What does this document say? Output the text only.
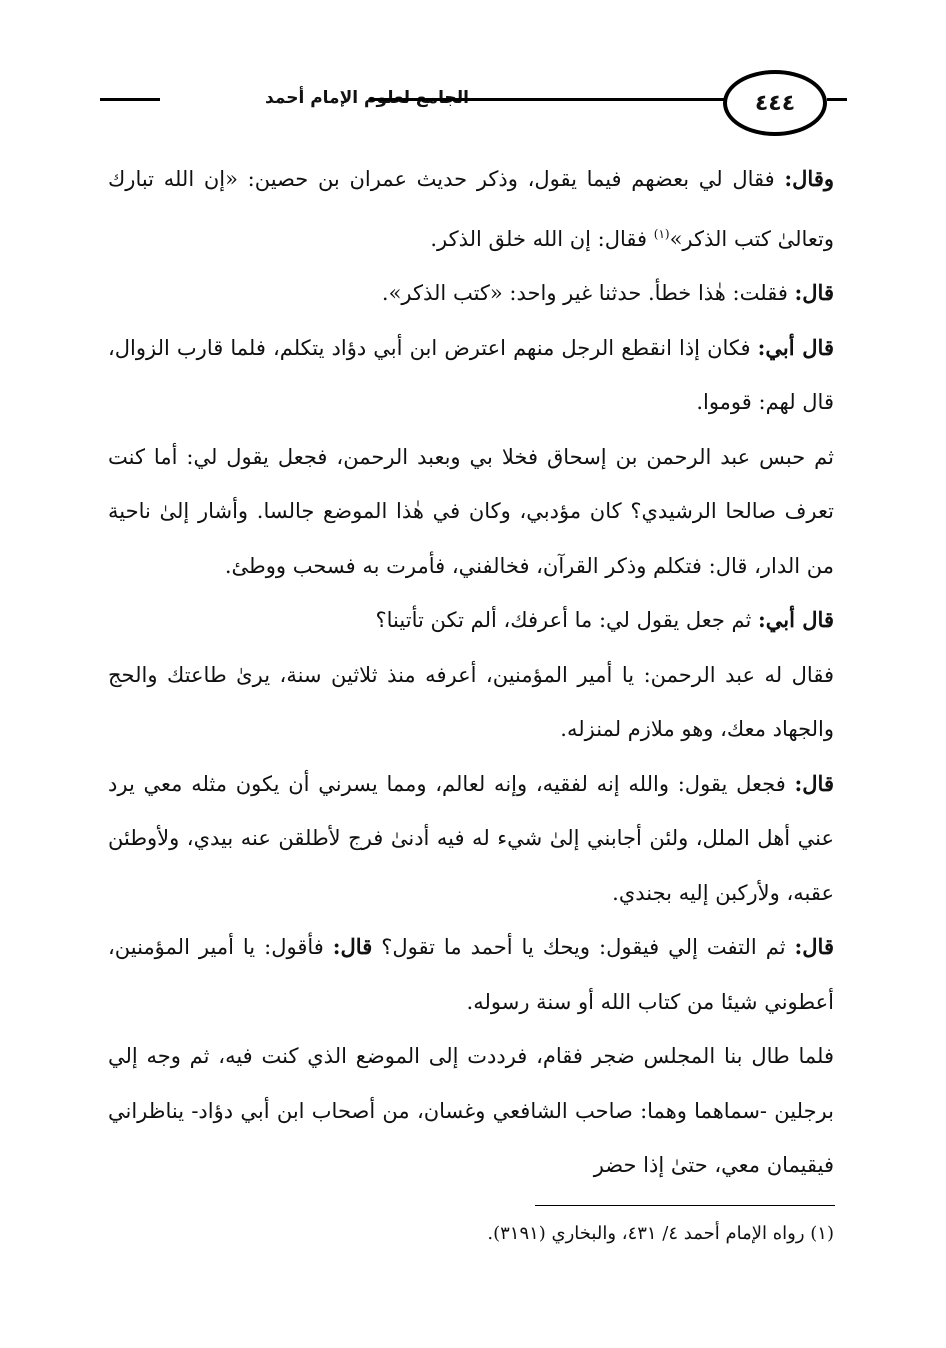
الجامع لعلوم الإمام أحمد	٤٤٤

وقال: فقال لي بعضهم فيما يقول، وذكر حديث عمران بن حصين: «إن الله تبارك وتعالىٰ كتب الذكر»$^{(١)}$ فقال: إن الله خلق الذكر.

قال: فقلت: هٰذا خطأ. حدثنا غير واحد: «كتب الذكر».

قال أبي: فكان إذا انقطع الرجل منهم اعترض ابن أبي دؤاد يتكلم، فلما قارب الزوال، قال لهم: قوموا.

ثم حبس عبد الرحمن بن إسحاق فخلا بي وبعبد الرحمن، فجعل يقول لي: أما كنت تعرف صالحا الرشيدي؟ كان مؤدبي، وكان في هٰذا الموضع جالسا. وأشار إلىٰ ناحية من الدار، قال: فتكلم وذكر القرآن، فخالفني، فأمرت به فسحب ووطئ.

قال أبي: ثم جعل يقول لي: ما أعرفك، ألم تكن تأتينا؟

فقال له عبد الرحمن: يا أمير المؤمنين، أعرفه منذ ثلاثين سنة، يرىٰ طاعتك والحج والجهاد معك، وهو ملازم لمنزله.

قال: فجعل يقول: والله إنه لفقيه، وإنه لعالم، ومما يسرني أن يكون مثله معي يرد عني أهل الملل، ولئن أجابني إلىٰ شيء له فيه أدنىٰ فرج لأطلقن عنه بيدي، ولأوطئن عقبه، ولأركبن إليه بجندي.

قال: ثم التفت إلي فيقول: ويحك يا أحمد ما تقول؟ قال: فأقول: يا أمير المؤمنين، أعطوني شيئا من كتاب الله أو سنة رسوله.

فلما طال بنا المجلس ضجر فقام، فرددت إلى الموضع الذي كنت فيه، ثم وجه إلي برجلين -سماهما وهما: صاحب الشافعي وغسان، من أصحاب ابن أبي دؤاد- يناظراني فيقيمان معي، حتىٰ إذا حضر

(١) رواه الإمام أحمد ٤/ ٤٣١، والبخاري (٣١٩١).
